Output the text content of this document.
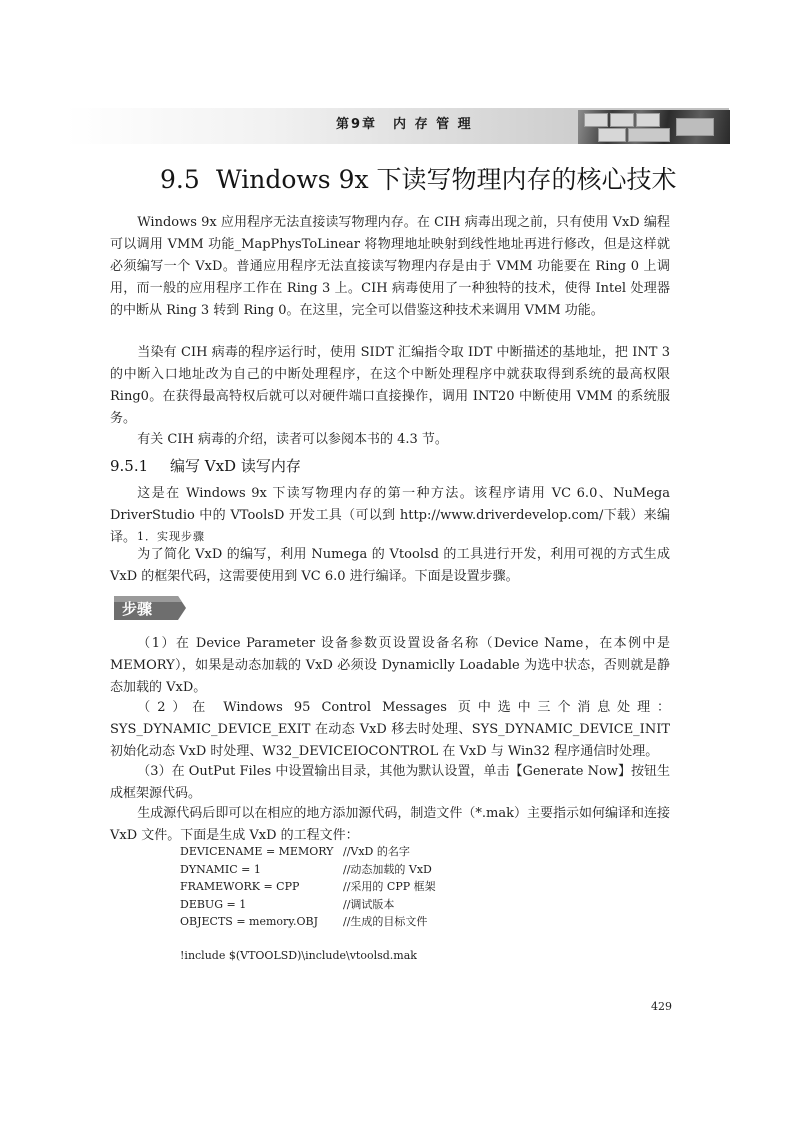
第9章 内 存 管 理
9.5 Windows 9x 下读写物理内存的核心技术

Windows 9x 应用程序无法直接读写物理内存。在 CIH 病毒出现之前，只有使用 VxD 编程可以调用 VMM 功能_MapPhysToLinear 将物理地址映射到线性地址再进行修改，但是这样就必须编写一个 VxD。普通应用程序无法直接读写物理内存是由于 VMM 功能要在 Ring 0 上调用，而一般的应用程序工作在 Ring 3 上。CIH 病毒使用了一种独特的技术，使得 Intel 处理器的中断从 Ring 3 转到 Ring 0。在这里，完全可以借鉴这种技术来调用 VMM 功能。

当染有 CIH 病毒的程序运行时，使用 SIDT 汇编指令取 IDT 中断描述的基地址，把 INT 3 的中断入口地址改为自己的中断处理程序，在这个中断处理程序中就获取得到系统的最高权限 Ring0。在获得最高特权后就可以对硬件端口直接操作，调用 INT20 中断使用 VMM 的系统服务。

有关 CIH 病毒的介绍，读者可以参阅本书的 4.3 节。

9.5.1 编写 VxD 读写内存

这是在 Windows 9x 下读写物理内存的第一种方法。该程序请用 VC 6.0、NuMega DriverStudio 中的 VToolsD 开发工具（可以到 http://www.driverdevelop.com/下载）来编译。 1．实现步骤

为了简化 VxD 的编写，利用 Numega 的 Vtoolsd 的工具进行开发，利用可视的方式生成 VxD 的框架代码，这需要使用到 VC 6.0 进行编译。下面是设置步骤。

步骤

（1）在 Device Parameter 设备参数页设置设备名称（Device Name，在本例中是 MEMORY），如果是动态加载的 VxD 必须设 Dynamiclly Loadable 为选中状态，否则就是静态加载的 VxD。

（2）在 Windows 95 Control Messages 页中选中三个消息处理：SYS_DYNAMIC_DEVICE_EXIT 在动态 VxD 移去时处理、SYS_DYNAMIC_DEVICE_INIT 初始化动态 VxD 时处理、W32_DEVICEIOCONTROL 在 VxD 与 Win32 程序通信时处理。

（3）在 OutPut Files 中设置输出目录，其他为默认设置，单击【Generate Now】按钮生成框架源代码。

生成源代码后即可以在相应的地方添加源代码，制造文件（*.mak）主要指示如何编译和连接 VxD 文件。下面是生成 VxD 的工程文件：

DEVICENAME = MEMORY //VxD 的名字
DYNAMIC = 1	//动态加载的 VxD
FRAMEWORK = CPP	//采用的 CPP 框架
DEBUG = 1	//调试版本
OBJECTS = memory.OBJ	//生成的目标文件
!include $(VTOOLSD)\include\vtoolsd.mak
429
